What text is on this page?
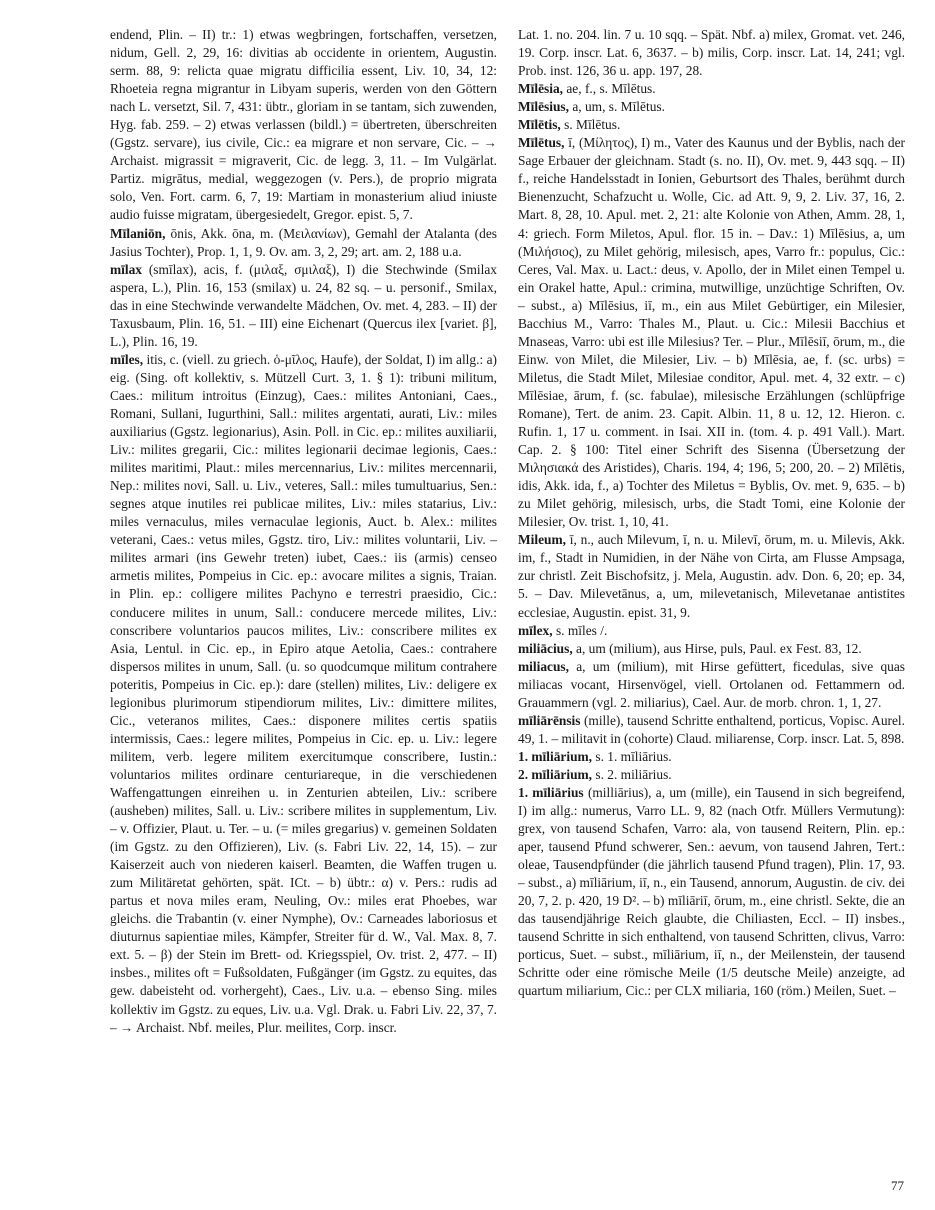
endend, Plin. – II) tr.: 1) etwas wegbringen, fortschaffen, versetzen, nidum, Gell. 2, 29, 16: divitias ab occidente in orientem, Augustin. serm. 88, 9: relicta quae migratu difficilia essent, Liv. 10, 34, 12: Rhoeteia regna migrantur in Libyam superis, werden von den Göttern nach L. versetzt, Sil. 7, 431: übtr., gloriam in se tantam, sich zuwenden, Hyg. fab. 259. – 2) etwas verlassen (bildl.) = übertreten, überschreiten (Ggstz. servare), ius civile, Cic.: ea migrare et non servare, Cic. – → Archaist. migrassit = migraverit, Cic. de legg. 3, 11. – Im Vulgärlat. Partiz. migrātus, medial, weggezogen (v. Pers.), de proprio migrata solo, Ven. Fort. carm. 6, 7, 19: Martiam in monasterium aliud iniuste audio fuisse migratam, übergesiedelt, Gregor. epist. 5, 7.

Mīlaniōn, ōnis, Akk. ōna, m. (Μειλανίων), Gemahl der Atalanta (des Jasius Tochter), Prop. 1, 1, 9. Ov. am. 3, 2, 29; art. am. 2, 188 u.a.

mīlax (smīlax), acis, f. (μιλαξ, σμιλαξ), I) die Stechwinde (Smilax aspera, L.), Plin. 16, 153 (smilax) u. 24, 82 sq. – u. personif., Smilax, das in eine Stechwinde verwandelte Mädchen, Ov. met. 4, 283. – II) der Taxusbaum, Plin. 16, 51. – III) eine Eichenart (Quercus ilex [variet. β], L.), Plin. 16, 19.

mīles, itis, c. (viell. zu griech. ὁ-μῖλος, Haufe), der Soldat, I) im allg.: a) eig. (Sing. oft kollektiv, s. Mützell Curt. 3, 1. § 1): tribuni militum, Caes.: militum introitus (Einzug), Caes.: milites Antoniani, Caes., Romani, Sullani, Iugurthini, Sall.: milites argentati, aurati, Liv.: miles auxiliarius (Ggstz. legionarius), Asin. Poll. in Cic. ep.: milites auxiliarii, Liv.: milites gregarii, Cic.: milites legionarii decimae legionis, Caes.: milites maritimi, Plaut.: miles mercennarius, Liv.: milites mercennarii, Nep.: milites novi, Sall. u. Liv., veteres, Sall.: miles tumultuarius, Sen.: segnes atque inutiles rei publicae milites, Liv.: miles statarius, Liv.: miles vernaculus, miles vernaculae legionis, Auct. b. Alex.: milites veterani, Caes.: vetus miles, Ggstz. tiro, Liv.: milites voluntarii, Liv. – milites armari (ins Gewehr treten) iubet, Caes.: iis (armis) censeo armetis milites, Pompeius in Cic. ep.: avocare milites a signis, Traian. in Plin. ep.: colligere milites Pachyno e terrestri praesidio, Cic.: conducere milites in unum, Sall.: conducere mercede milites, Liv.: conscribere voluntarios paucos milites, Liv.: conscribere milites ex Asia, Lentul. in Cic. ep., in Epiro atque Aetolia, Caes.: contrahere dispersos milites in unum, Sall. (u. so quodcumque militum contrahere poteritis, Pompeius in Cic. ep.): dare (stellen) milites, Liv.: deligere ex legionibus plurimorum stipendiorum milites, Liv.: dimittere milites, Cic., veteranos milites, Caes.: disponere milites certis spatiis intermissis, Caes.: legere milites, Pompeius in Cic. ep. u. Liv.: legere militem, verb. legere militem exercitumque conscribere, Iustin.: voluntarios milites ordinare centuriareque, in die verschiedenen Waffengattungen einreihen u. in Zenturien abteilen, Liv.: scribere (ausheben) milites, Sall. u. Liv.: scribere milites in supplementum, Liv. – v. Offizier, Plaut. u. Ter. – u. (= miles gregarius) v. gemeinen Soldaten (im Ggstz. zu den Offizieren), Liv. (s. Fabri Liv. 22, 14, 15). – zur Kaiserzeit auch von niederen kaiserl. Beamten, die Waffen trugen u. zum Militäretat gehörten, spät. ICt. – b) übtr.: α) v. Pers.: rudis ad partus et nova miles eram, Neuling, Ov.: miles erat Phoebes, war gleichs. die Trabantin (v. einer Nymphe), Ov.: Carneades laboriosus et diuturnus sapientiae miles, Kämpfer, Streiter für d. W., Val. Max. 8, 7. ext. 5. – β) der Stein im Brett- od. Kriegsspiel, Ov. trist. 2, 477. – II) insbes., milites oft = Fußsoldaten, Fußgänger (im Ggstz. zu equites, das gew. dabeisteht od. vorhergeht), Caes., Liv. u.a. – ebenso Sing. miles kollektiv im Ggstz. zu eques, Liv. u.a. Vgl. Drak. u. Fabri Liv. 22, 37, 7. – → Archaist. Nbf. meiles, Plur. meilites, Corp. inscr.

Lat. 1. no. 204. lin. 7 u. 10 sqq. – Spät. Nbf. a) milex, Gromat. vet. 246, 19. Corp. inscr. Lat. 6, 3637. – b) milis, Corp. inscr. Lat. 14, 241; vgl. Prob. inst. 126, 36 u. app. 197, 28.

Mīlēsia, ae, f., s. Mīlētus.

Mīlēsius, a, um, s. Mīlētus.

Mīlētis, s. Mīlētus.

Mīlētus, ī, (Μίλητος), I) m., Vater des Kaunus und der Byblis, nach der Sage Erbauer der gleichnam. Stadt (s. no. II), Ov. met. 9, 443 sqq. – II) f., reiche Handelsstadt in Ionien, Geburtsort des Thales, berühmt durch Bienenzucht, Schafzucht u. Wolle, Cic. ad Att. 9, 9, 2. Liv. 37, 16, 2. Mart. 8, 28, 10. Apul. met. 2, 21: alte Kolonie von Athen, Amm. 28, 1, 4: griech. Form Miletos, Apul. flor. 15 in. – Dav.: 1) Mīlēsius, a, um (Μιλήσιος), zu Milet gehörig, milesisch, apes, Varro fr.: populus, Cic.: Ceres, Val. Max. u. Lact.: deus, v. Apollo, der in Milet einen Tempel u. ein Orakel hatte, Apul.: crimina, mutwillige, unzüchtige Schriften, Ov. – subst., a) Mīlēsius, iī, m., ein aus Milet Gebürtiger, ein Milesier, Bacchius M., Varro: Thales M., Plaut. u. Cic.: Milesii Bacchius et Mnaseas, Varro: ubi est ille Milesius? Ter. – Plur., Mīlēsiī, ōrum, m., die Einw. von Milet, die Milesier, Liv. – b) Mīlēsia, ae, f. (sc. urbs) = Miletus, die Stadt Milet, Milesiae conditor, Apul. met. 4, 32 extr. – c) Mīlēsiae, ārum, f. (sc. fabulae), milesische Erzählungen (schlüpfrige Romane), Tert. de anim. 23. Capit. Albin. 11, 8 u. 12, 12. Hieron. c. Rufin. 1, 17 u. comment. in Isai. XII in. (tom. 4. p. 491 Vall.). Mart. Cap. 2. § 100: Titel einer Schrift des Sisenna (Übersetzung der Μιλησιακά des Aristides), Charis. 194, 4; 196, 5; 200, 20. – 2) Mīlētis, idis, Akk. ida, f., a) Tochter des Miletus = Byblis, Ov. met. 9, 635. – b) zu Milet gehörig, milesisch, urbs, die Stadt Tomi, eine Kolonie der Milesier, Ov. trist. 1, 10, 41.

Mileum, ī, n., auch Milevum, ī, n. u. Milevī, ōrum, m. u. Milevis, Akk. im, f., Stadt in Numidien, in der Nähe von Cirta, am Flusse Ampsaga, zur christl. Zeit Bischofsitz, j. Mela, Augustin. adv. Don. 6, 20; ep. 34, 5. – Dav. Milevetānus, a, um, milevetanisch, Milevetanae antistites ecclesiae, Augustin. epist. 31, 9.

mīlex, s. mīles /.

miliācius, a, um (milium), aus Hirse, puls, Paul. ex Fest. 83, 12.

miliacus, a, um (milium), mit Hirse gefüttert, ficedulas, sive quas miliacas vocant, Hirsenvögel, viell. Ortolanen od. Fettammern od. Grauammern (vgl. 2. miliarius), Cael. Aur. de morb. chron. 1, 1, 27.

mīliārēnsis (mille), tausend Schritte enthaltend, porticus, Vopisc. Aurel. 49, 1. – militavit in (cohorte) Claud. miliarense, Corp. inscr. Lat. 5, 898.

1. mīliārium, s. 1. mīliārius.

2. mīliārium, s. 2. miliārius.

1. mīliārius (milliārius), a, um (mille), ein Tausend in sich begreifend, I) im allg.: numerus, Varro LL. 9, 82 (nach Otfr. Müllers Vermutung): grex, von tausend Schafen, Varro: ala, von tausend Reitern, Plin. ep.: aper, tausend Pfund schwerer, Sen.: aevum, von tausend Jahren, Tert.: oleae, Tausendpfünder (die jährlich tausend Pfund tragen), Plin. 17, 93. – subst., a) mīliārium, iī, n., ein Tausend, annorum, Augustin. de civ. dei 20, 7, 2. p. 420, 19 D². – b) mīliāriī, ōrum, m., eine christl. Sekte, die an das tausendjährige Reich glaubte, die Chiliasten, Eccl. – II) insbes., tausend Schritte in sich enthaltend, von tausend Schritten, clivus, Varro: porticus, Suet. – subst., mīliārium, iī, n., der Meilenstein, der tausend Schritte oder eine römische Meile (1/5 deutsche Meile) anzeigte, ad quartum miliarium, Cic.: per CLX miliaria, 160 (röm.) Meilen, Suet. –

77
